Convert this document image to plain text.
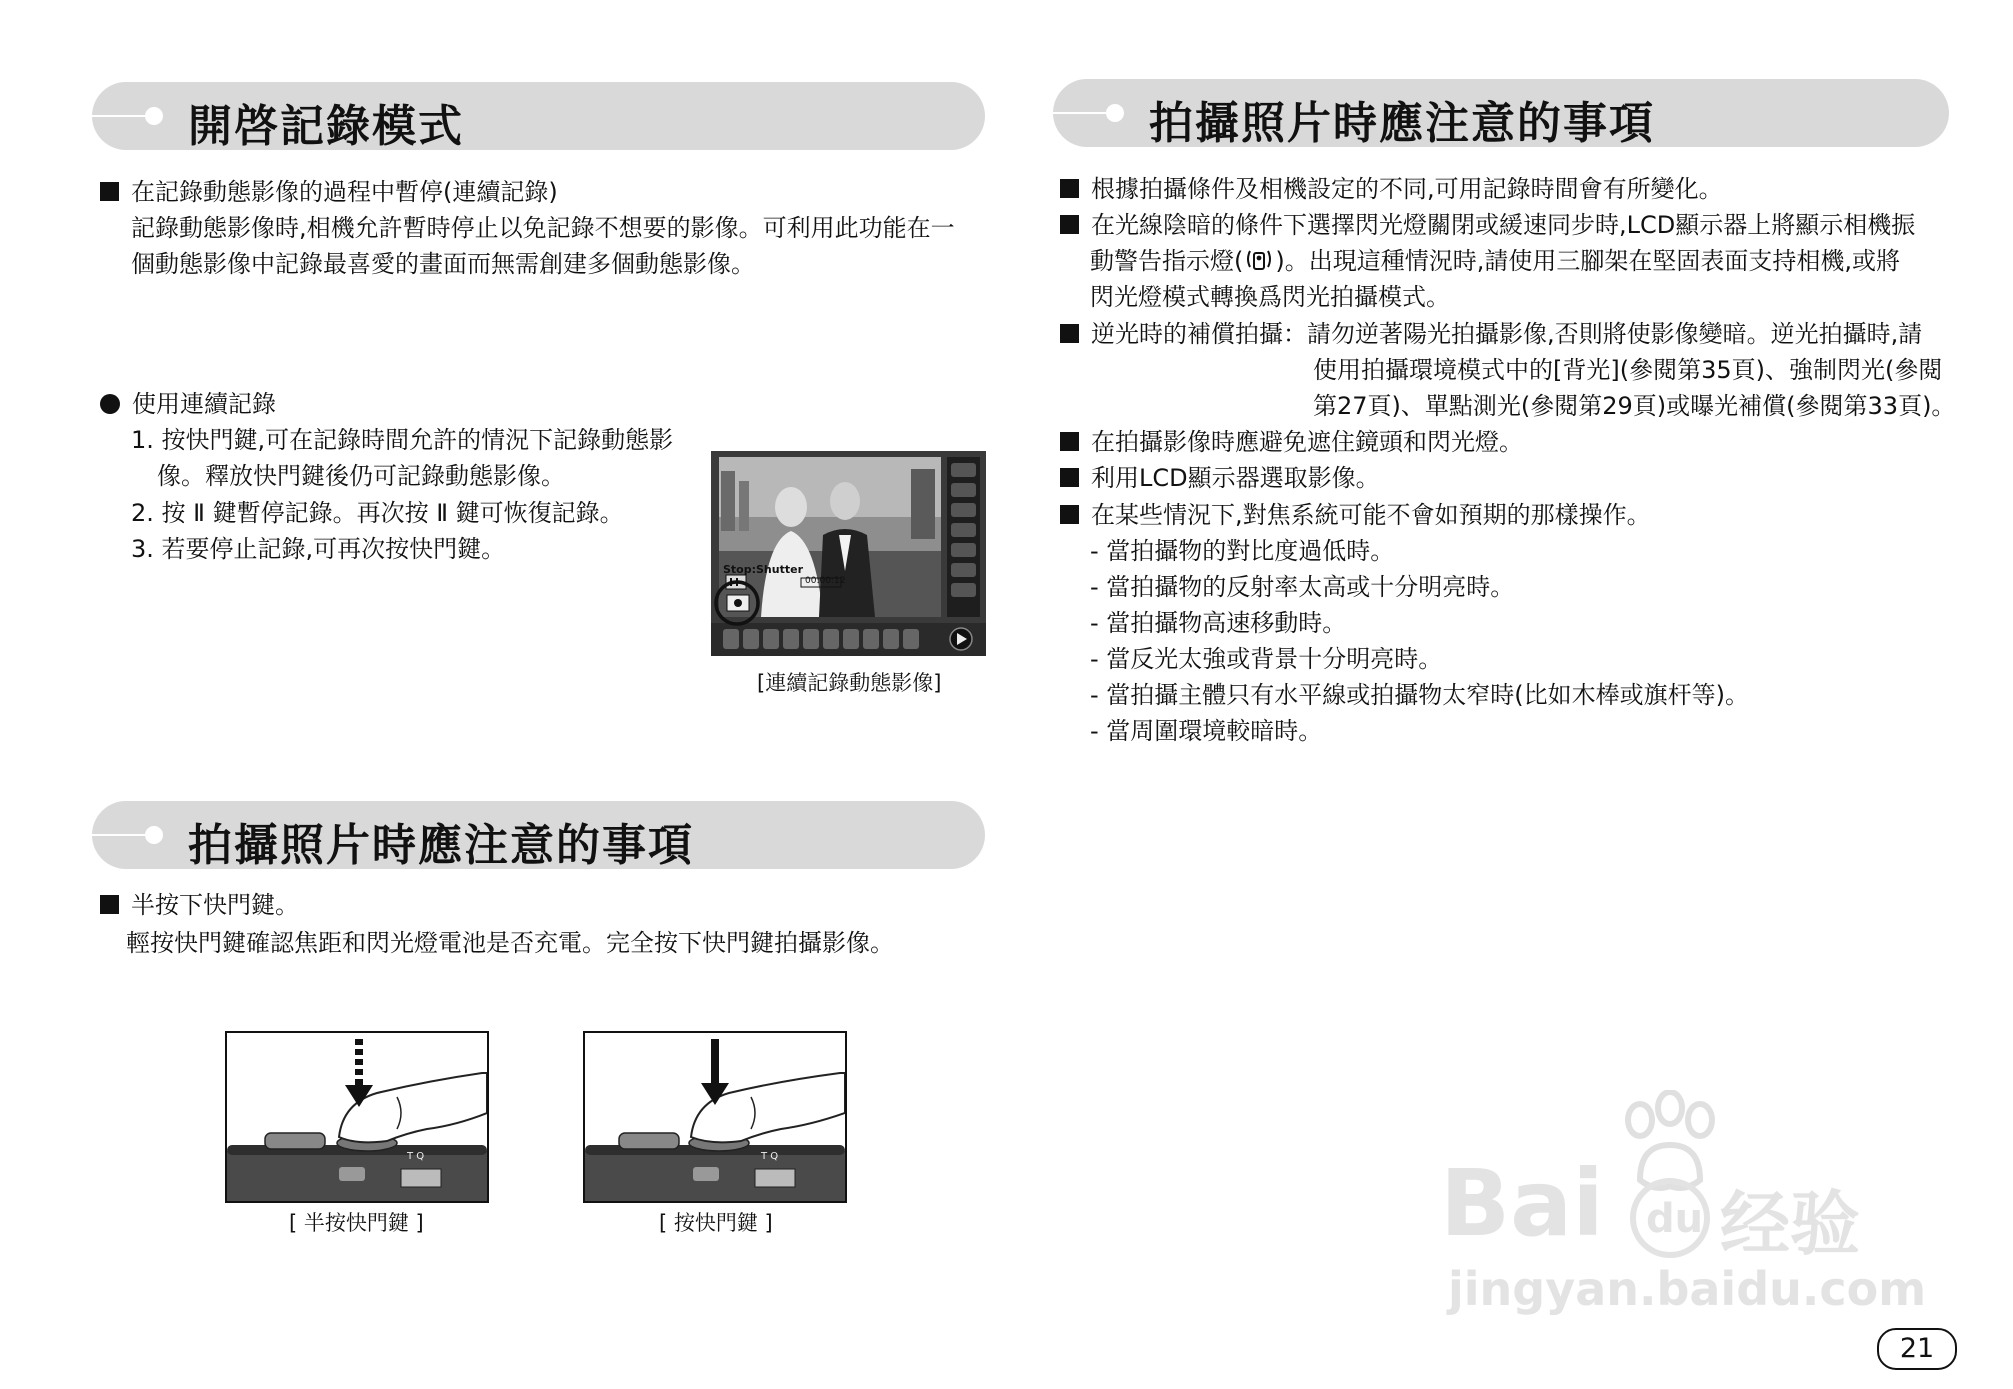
開啓記錄模式
在記錄動態影像的過程中暫停(連續記錄)
記錄動態影像時,相機允許暫時停止以免記錄不想要的影像。可利用此功能在一
個動態影像中記錄最喜愛的畫面而無需創建多個動態影像。
使用連續記錄
1. 按快門鍵,可在記錄時間允許的情況下記錄動態影
像。釋放快門鍵後仍可記錄動態影像。
2. 按 Ⅱ 鍵暫停記錄。再次按 Ⅱ 鍵可恢復記錄。
3. 若要停止記錄,可再次按快門鍵。
Stop:Shutter
00:00:12
[連續記錄動態影像]
拍攝照片時應注意的事項
半按下快門鍵。
輕按快門鍵確認焦距和閃光燈電池是否充電。完全按下快門鍵拍攝影像。
T Q
[ 半按快門鍵 ]
T Q
[ 按快門鍵 ]
拍攝照片時應注意的事項
根據拍攝條件及相機設定的不同,可用記錄時間會有所變化。
在光線陰暗的條件下選擇閃光燈關閉或緩速同步時,LCD顯示器上將顯示相機振
動警告指示燈( )。出現這種情況時,請使用三腳架在堅固表面支持相機,或將
閃光燈模式轉換爲閃光拍攝模式。
逆光時的補償拍攝：請勿逆著陽光拍攝影像,否則將使影像變暗。逆光拍攝時,請
使用拍攝環境模式中的[背光](參閱第35頁)、強制閃光(參閱
第27頁)、單點測光(參閱第29頁)或曝光補償(參閱第33頁)。
在拍攝影像時應避免遮住鏡頭和閃光燈。
利用LCD顯示器選取影像。
在某些情況下,對焦系統可能不會如預期的那樣操作。
- 當拍攝物的對比度過低時。
- 當拍攝物的反射率太高或十分明亮時。
- 當拍攝物高速移動時。
- 當反光太強或背景十分明亮時。
- 當拍攝主體只有水平線或拍攝物太窄時(比如木棒或旗杆等)。
- 當周圍環境較暗時。
Bai du 经验
jingyan.baidu.com
21
